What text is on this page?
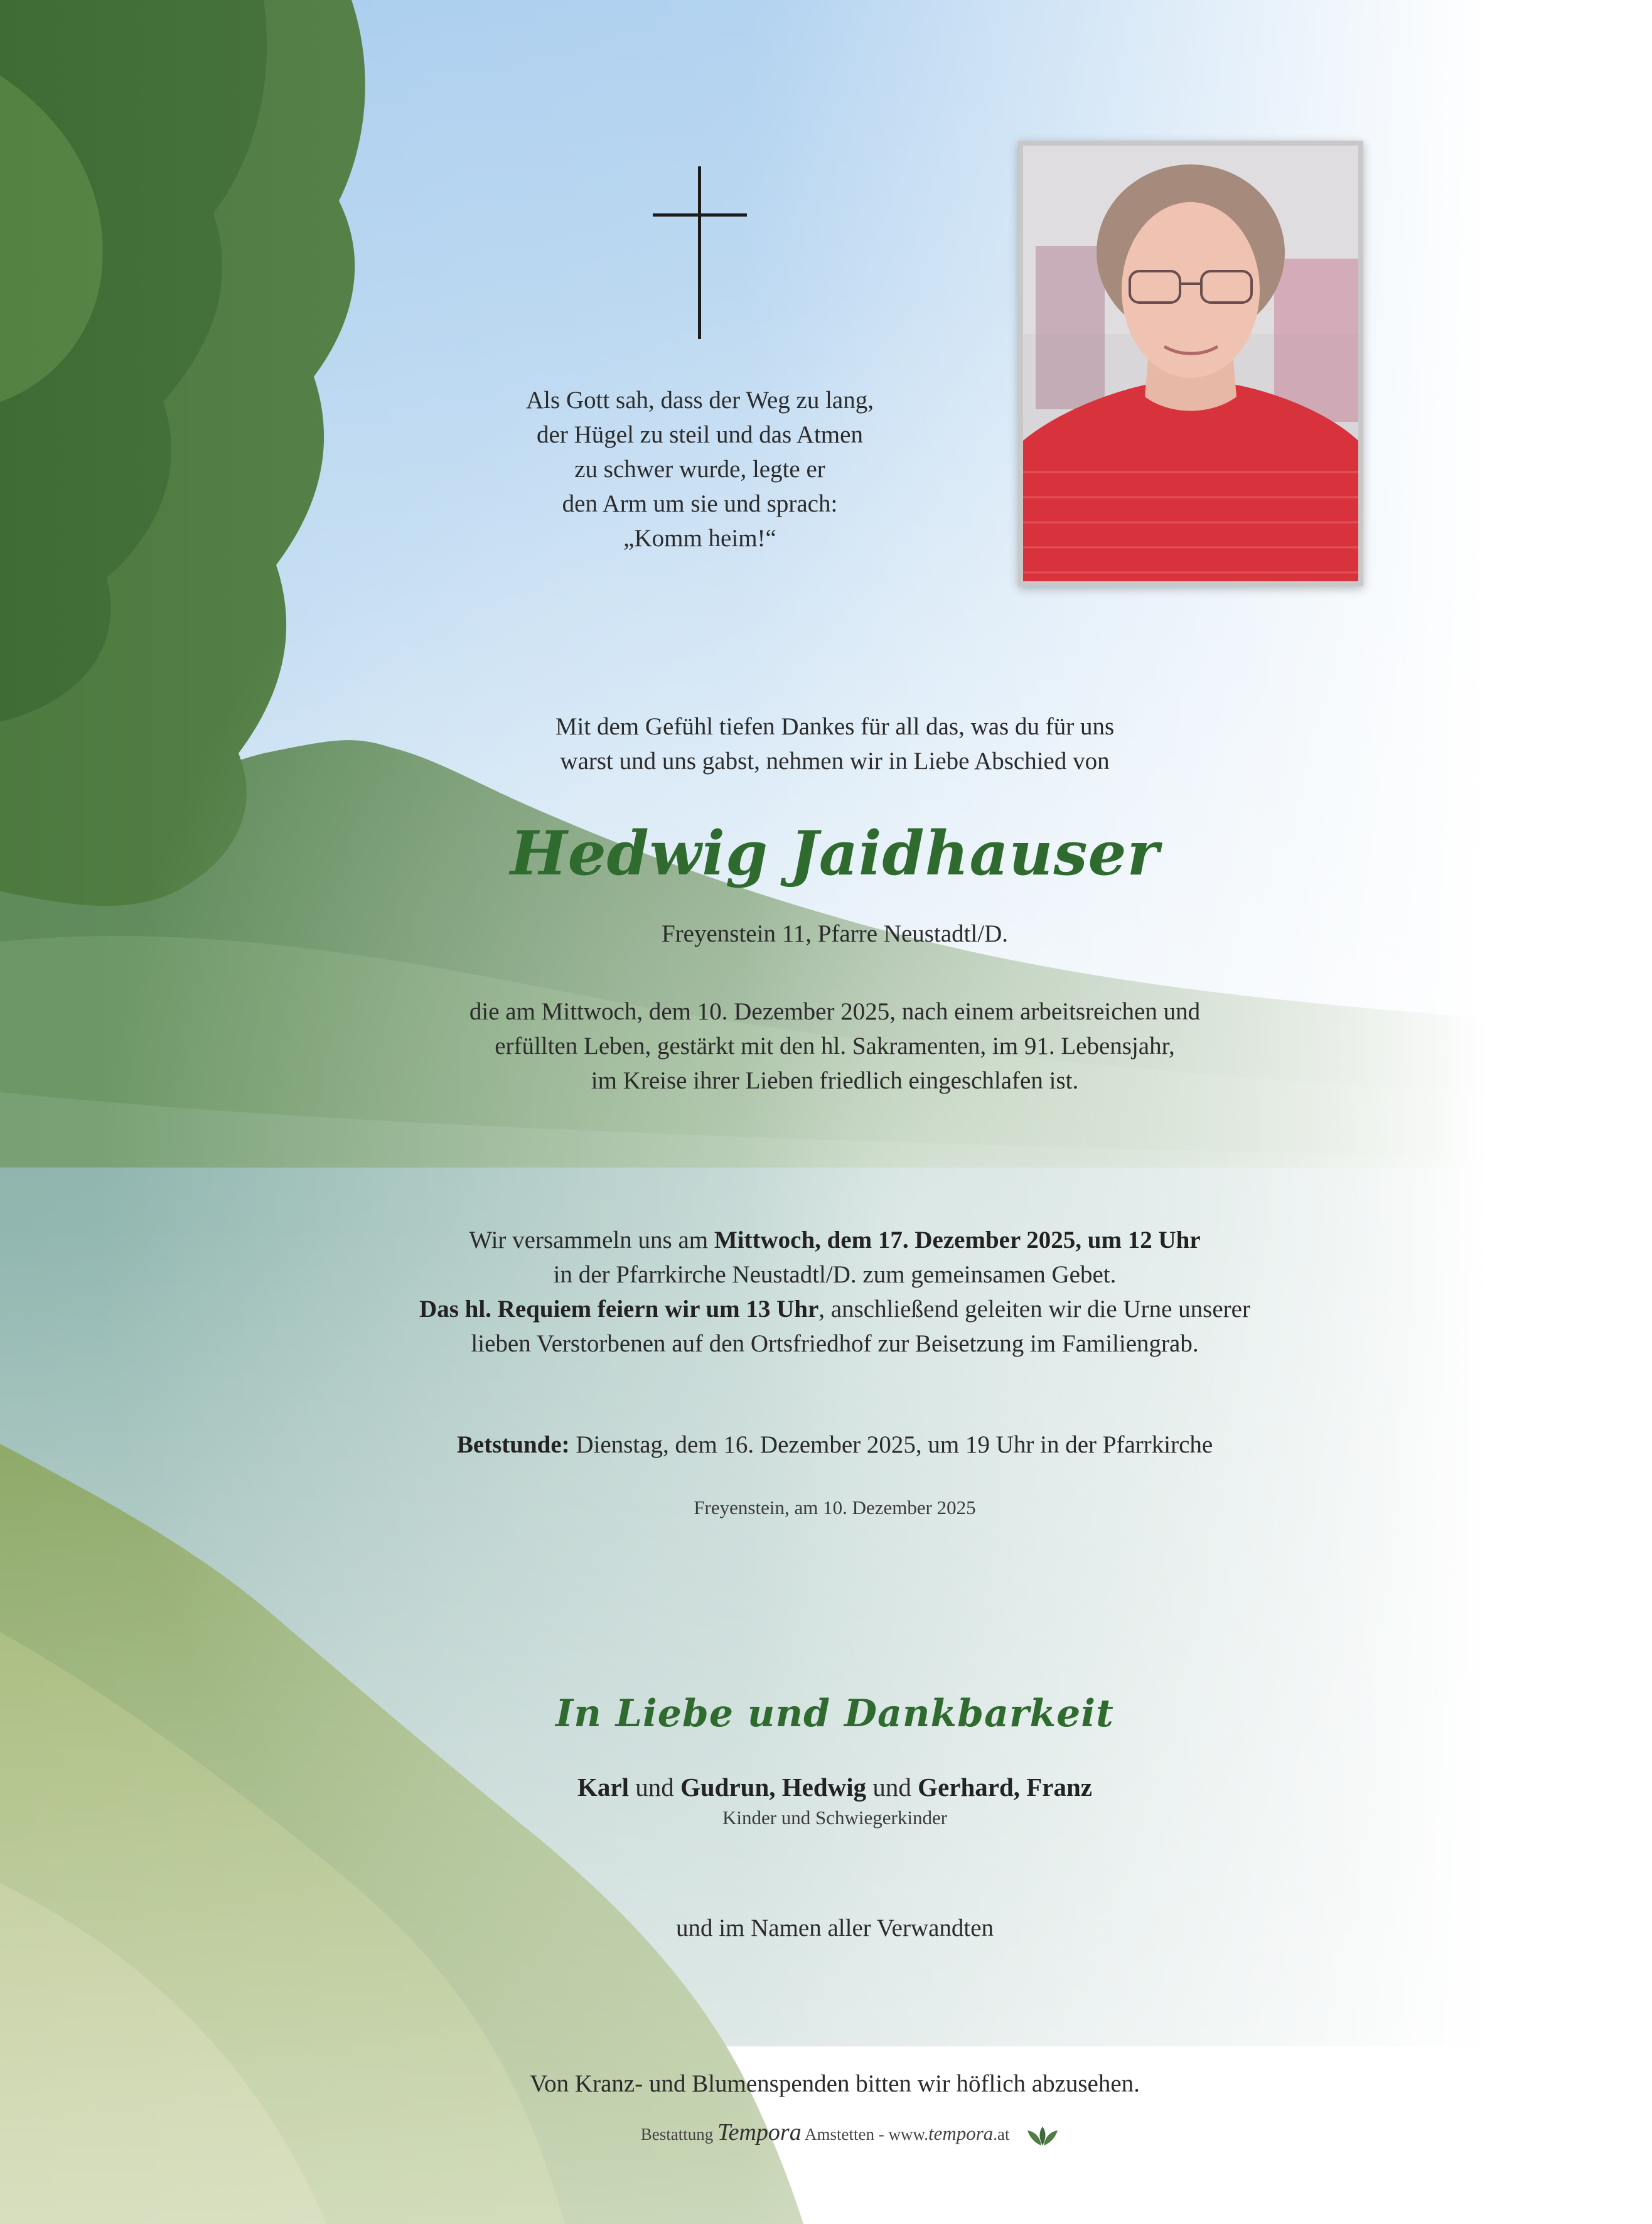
Als Gott sah, dass der Weg zu lang,
der Hügel zu steil und das Atmen
zu schwer wurde, legte er
den Arm um sie und sprach:
„Komm heim!“
Mit dem Gefühl tiefen Dankes für all das, was du für uns
warst und uns gabst, nehmen wir in Liebe Abschied von
Hedwig Jaidhauser
Freyenstein 11, Pfarre Neustadtl/D.
die am Mittwoch, dem 10. Dezember 2025, nach einem arbeitsreichen und
erfüllten Leben, gestärkt mit den hl. Sakramenten, im 91. Lebensjahr,
im Kreise ihrer Lieben friedlich eingeschlafen ist.
Wir versammeln uns am Mittwoch, dem 17. Dezember 2025, um 12 Uhr
in der Pfarrkirche Neustadtl/D. zum gemeinsamen Gebet.
Das hl. Requiem feiern wir um 13 Uhr, anschließend geleiten wir die Urne unserer
lieben Verstorbenen auf den Ortsfriedhof zur Beisetzung im Familiengrab.
Betstunde: Dienstag, dem 16. Dezember 2025, um 19 Uhr in der Pfarrkirche
Freyenstein, am 10. Dezember 2025
In Liebe und Dankbarkeit
Karl und Gudrun, Hedwig und Gerhard, Franz
Kinder und Schwiegerkinder
und im Namen aller Verwandten
Von Kranz- und Blumenspenden bitten wir höflich abzusehen.
Bestattung Tempora Amstetten - www.tempora.at
